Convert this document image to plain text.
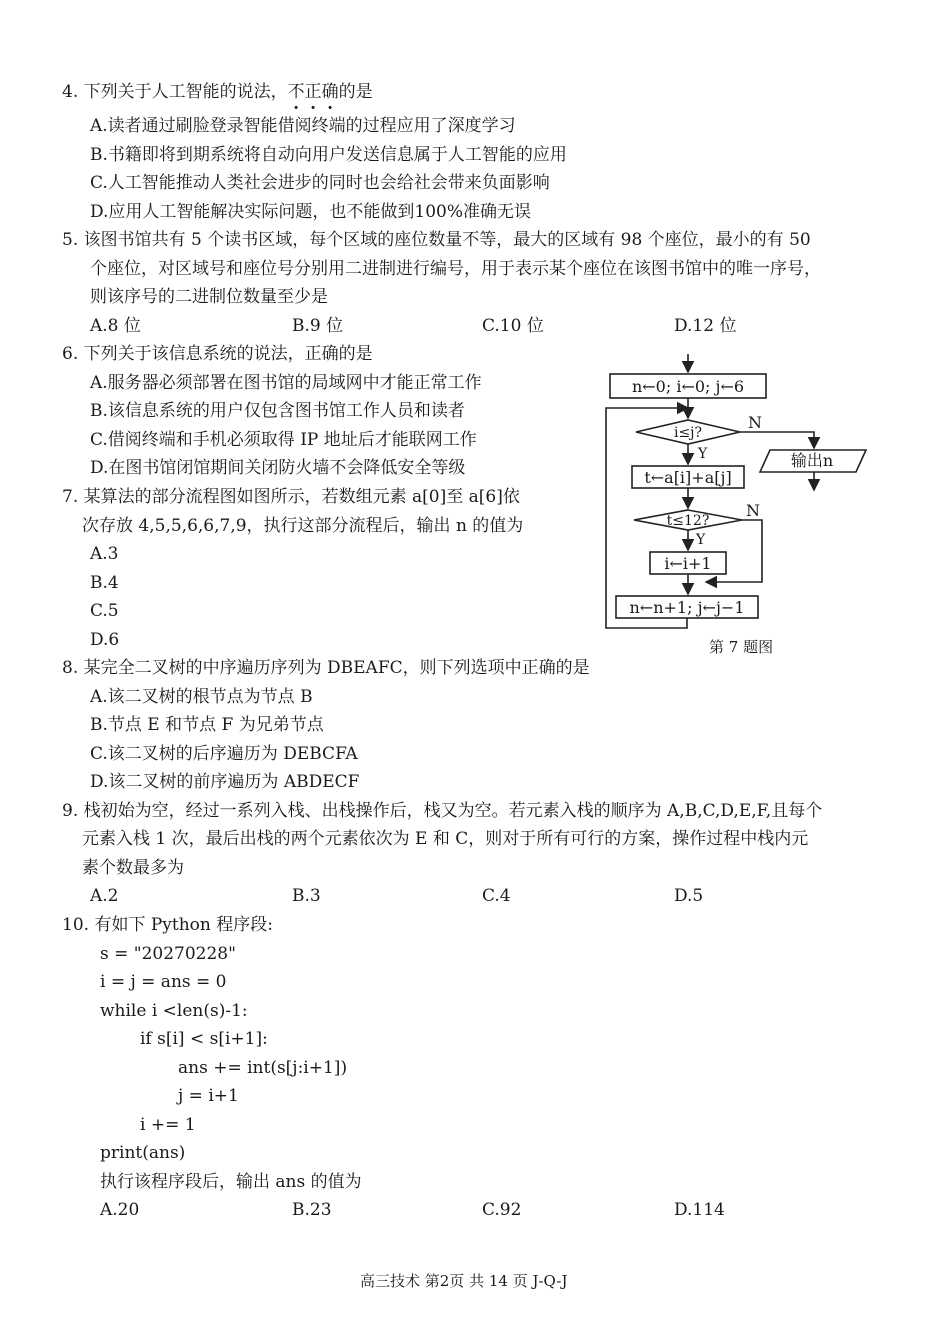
4. 下列关于人工智能的说法，不正确的是
A.读者通过刷脸登录智能借阅终端的过程应用了深度学习
B.书籍即将到期系统将自动向用户发送信息属于人工智能的应用
C.人工智能推动人类社会进步的同时也会给社会带来负面影响
D.应用人工智能解决实际问题，也不能做到100%准确无误
5. 该图书馆共有 5 个读书区域，每个区域的座位数量不等，最大的区域有 98 个座位，最小的有 50
个座位，对区域号和座位号分别用二进制进行编号，用于表示某个座位在该图书馆中的唯一序号，
则该序号的二进制位数量至少是
A.8 位	B.9 位	C.10 位	D.12 位
6. 下列关于该信息系统的说法，正确的是
A.服务器必须部署在图书馆的局域网中才能正常工作
B.该信息系统的用户仅包含图书馆工作人员和读者
C.借阅终端和手机必须取得 IP 地址后才能联网工作
D.在图书馆闭馆期间关闭防火墙不会降低安全等级
7. 某算法的部分流程图如图所示，若数组元素 a[0]至 a[6]依
次存放 4,5,5,6,6,7,9，执行这部分流程后，输出 n 的值为
A.3
B.4
C.5
D.6
n←0; i←0; j←6
i≤j?
N
Y	输出n
t←a[i]+a[j]
t≤12?
N
Y
i←i+1
n←n+1; j←j−1
第 7 题图
8. 某完全二叉树的中序遍历序列为 DBEAFC，则下列选项中正确的是
A.该二叉树的根节点为节点 B
B.节点 E 和节点 F 为兄弟节点
C.该二叉树的后序遍历为 DEBCFA
D.该二叉树的前序遍历为 ABDECF
9. 栈初始为空，经过一系列入栈、出栈操作后，栈又为空。若元素入栈的顺序为 A,B,C,D,E,F,且每个
元素入栈 1 次，最后出栈的两个元素依次为 E 和 C，则对于所有可行的方案，操作过程中栈内元
素个数最多为
A.2	B.3	C.4	D.5
10. 有如下 Python 程序段:
s = "20270228"
i = j = ans = 0
while i <len(s)-1:
if s[i] < s[i+1]:
ans += int(s[j:i+1])
j = i+1
i += 1
print(ans)
执行该程序段后，输出 ans 的值为
A.20	B.23	C.92	D.114
高三技术 第2页 共 14 页 J-Q-J
